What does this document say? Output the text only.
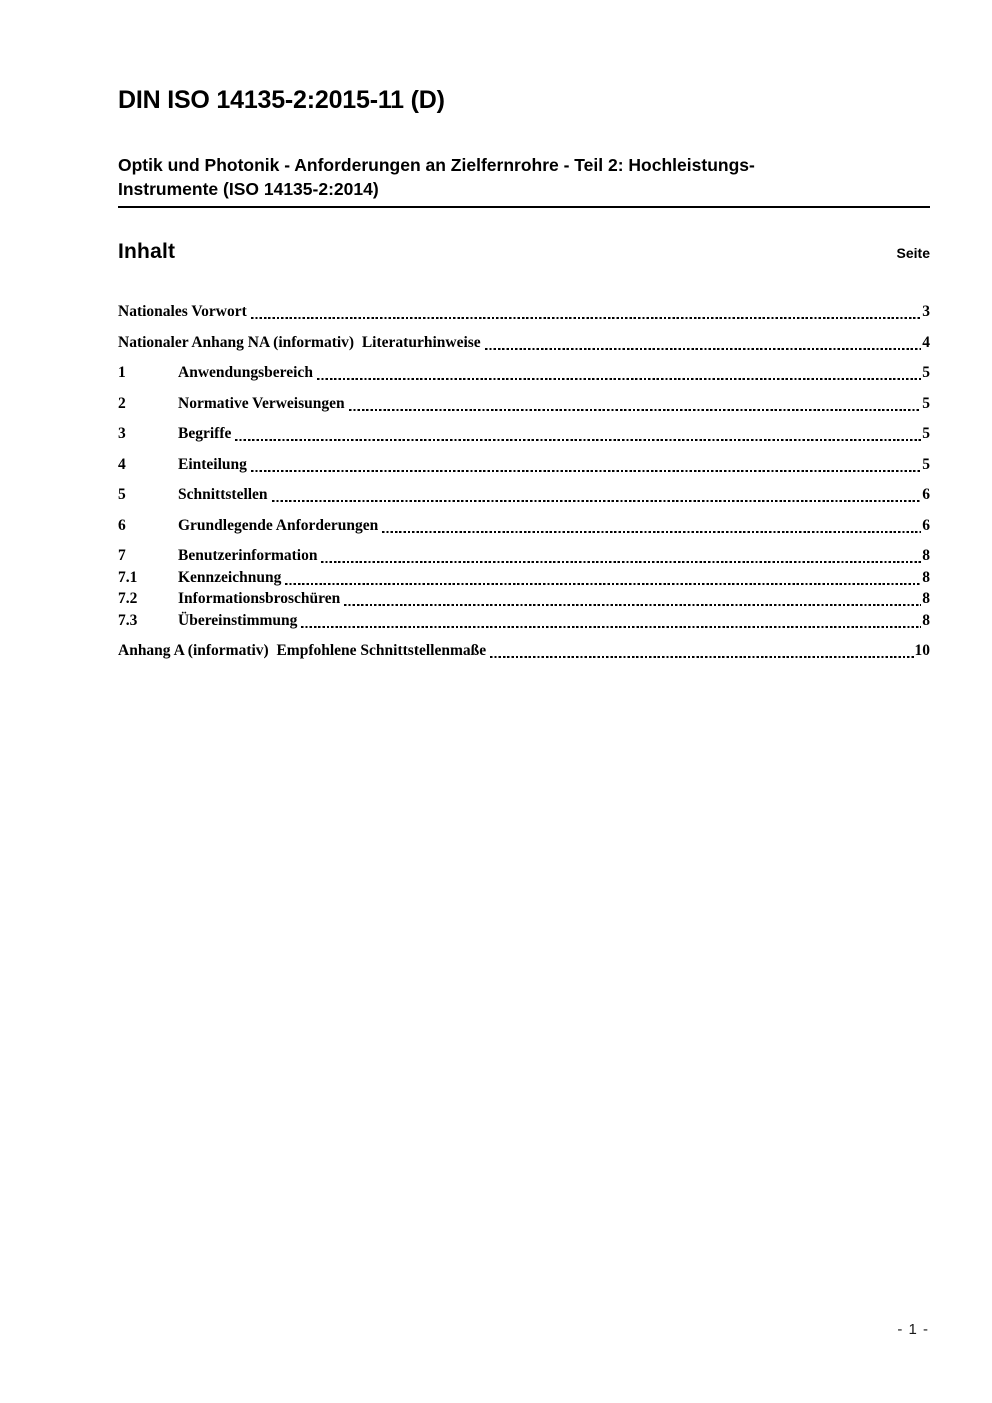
DIN ISO 14135-2:2015-11 (D)
Optik und Photonik - Anforderungen an Zielfernrohre - Teil 2: Hochleistungs-
Instrumente (ISO 14135-2:2014)
Inhalt	Seite
Nationales Vorwort	3
Nationaler Anhang NA (informativ)  Literaturhinweise	4
1	Anwendungsbereich	5
2	Normative Verweisungen	5
3	Begriffe	5
4	Einteilung	5
5	Schnittstellen	6
6	Grundlegende Anforderungen	6
7	Benutzerinformation	8
7.1	Kennzeichnung	8
7.2	Informationsbroschüren	8
7.3	Übereinstimmung	8
Anhang A (informativ)  Empfohlene Schnittstellenmaße	10
- 1 -
